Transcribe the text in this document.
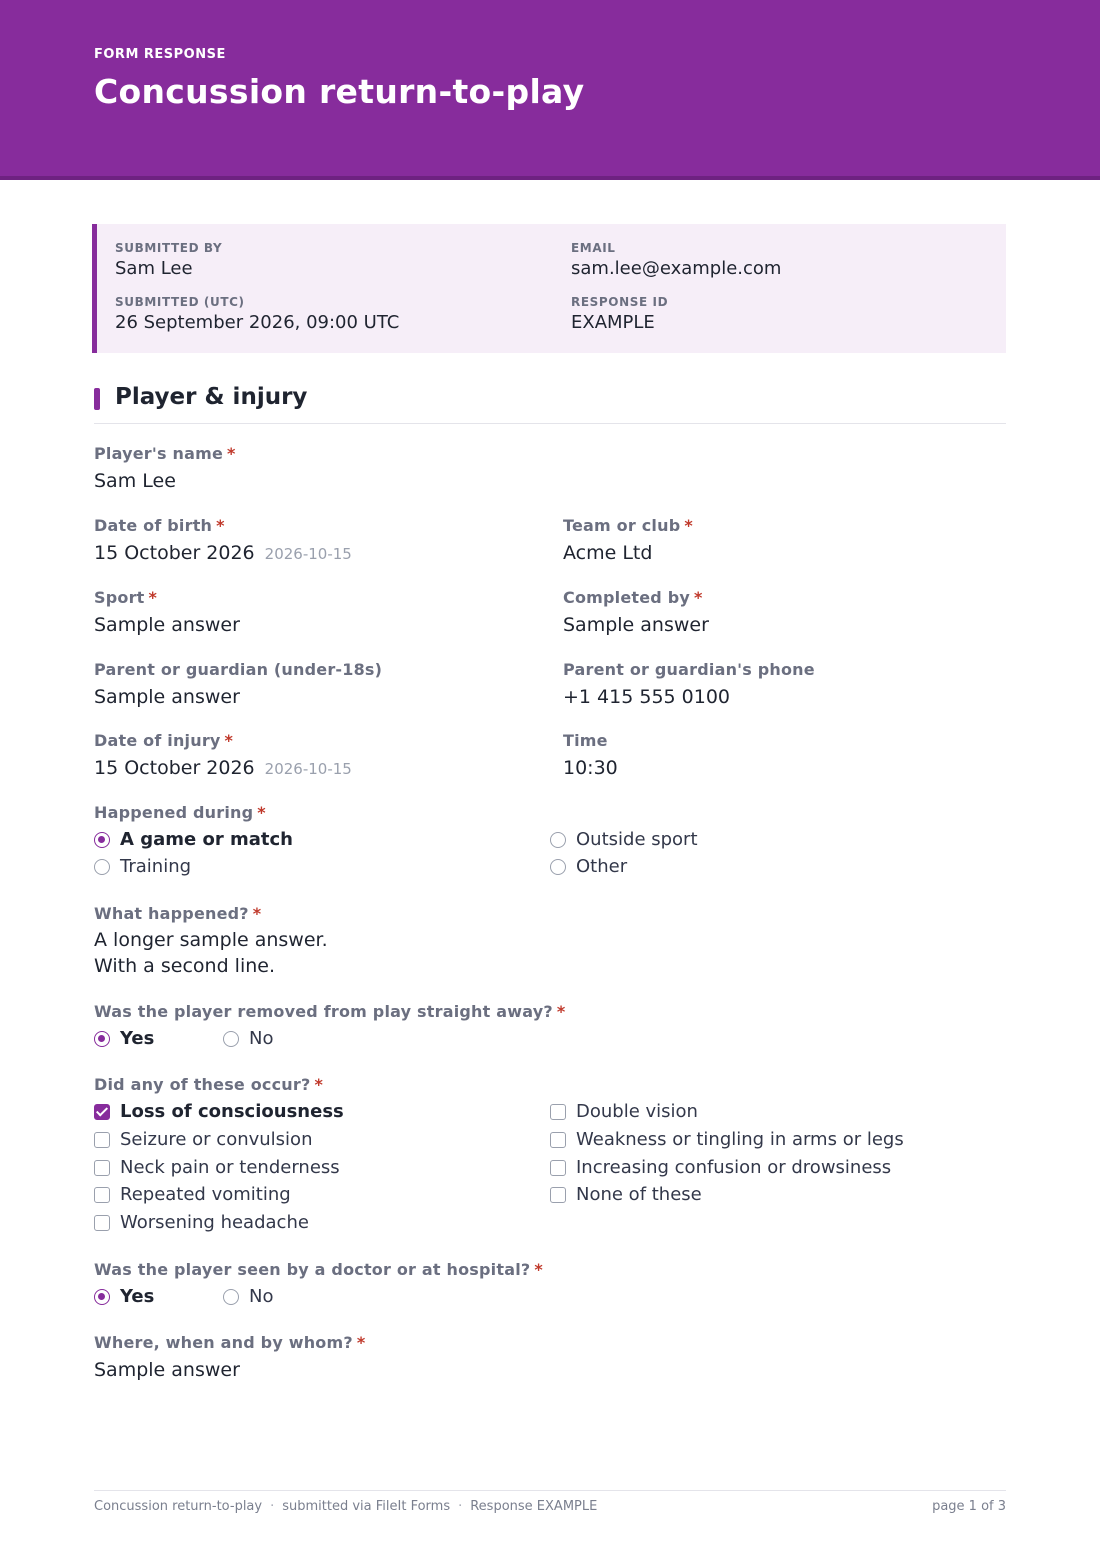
FORM RESPONSE
Concussion return-to-play
SUBMITTED BY
Sam Lee
EMAIL
sam.lee@example.com
SUBMITTED (UTC)
26 September 2026, 09:00 UTC
RESPONSE ID
EXAMPLE
Player & injury
Player's name *
Sam Lee
Date of birth *
15 October 2026 2026-10-15
Team or club *
Acme Ltd
Sport *
Sample answer
Completed by *
Sample answer
Parent or guardian (under-18s)
Sample answer
Parent or guardian's phone
+1 415 555 0100
Date of injury *
15 October 2026 2026-10-15
Time
10:30
Happened during *
A game or match
Training
Outside sport
Other
What happened? *
A longer sample answer.
With a second line.
Was the player removed from play straight away? *
Yes	No
Did any of these occur? *
Loss of consciousness
Seizure or convulsion
Neck pain or tenderness
Repeated vomiting
Worsening headache
Double vision
Weakness or tingling in arms or legs
Increasing confusion or drowsiness
None of these
Was the player seen by a doctor or at hospital? *
Yes	No
Where, when and by whom? *
Sample answer
Concussion return-to-play · submitted via FileIt Forms · Response EXAMPLE	page 1 of 3
